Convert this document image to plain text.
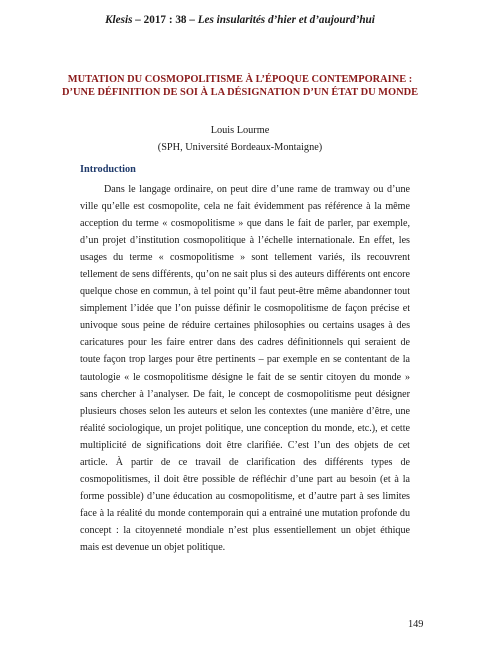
Klesis – 2017 : 38 – Les insularités d’hier et d’aujourd’hui
MUTATION DU COSMOPOLITISME À L’ÉPOQUE CONTEMPORAINE : D’UNE DÉFINITION DE SOI À LA DÉSIGNATION D’UN ÉTAT DU MONDE
Louis Lourme
(SPH, Université Bordeaux-Montaigne)
Introduction

Dans le langage ordinaire, on peut dire d’une rame de tramway ou d’une ville qu’elle est cosmopolite, cela ne fait évidemment pas référence à la même acception du terme « cosmopolitisme » que dans le fait de parler, par exemple, d’un projet d’institution cosmopolitique à l’échelle internationale. En effet, les usages du terme « cosmopolitisme » sont tellement variés, ils recouvrent tellement de sens différents, qu’on ne sait plus si des auteurs différents ont encore quelque chose en commun, à tel point qu’il faut peut-être même abandonner tout simplement l’idée que l’on puisse définir le cosmopolitisme de façon précise et univoque sous peine de réduire certaines philosophies ou certains usages à des caricatures pour les faire entrer dans des cadres définitionnels qui seraient de toute façon trop larges pour être pertinents – par exemple en se contentant de la tautologie « le cosmopolitisme désigne le fait de se sentir citoyen du monde » sans chercher à l’analyser. De fait, le concept de cosmopolitisme peut désigner plusieurs choses selon les auteurs et selon les contextes (une manière d’être, une réalité sociologique, un projet politique, une conception du monde, etc.), et cette multiplicité de significations doit être clarifiée. C’est l’un des objets de cet article. À partir de ce travail de clarification des différents types de cosmopolitismes, il doit être possible de réfléchir d’une part au besoin (et à la forme possible) d’une éducation au cosmopolitisme, et d’autre part à ses limites face à la réalité du monde contemporain qui a entrainé une mutation profonde du concept : la citoyenneté mondiale n’est plus essentiellement un objet éthique mais est devenue un objet politique.

149
